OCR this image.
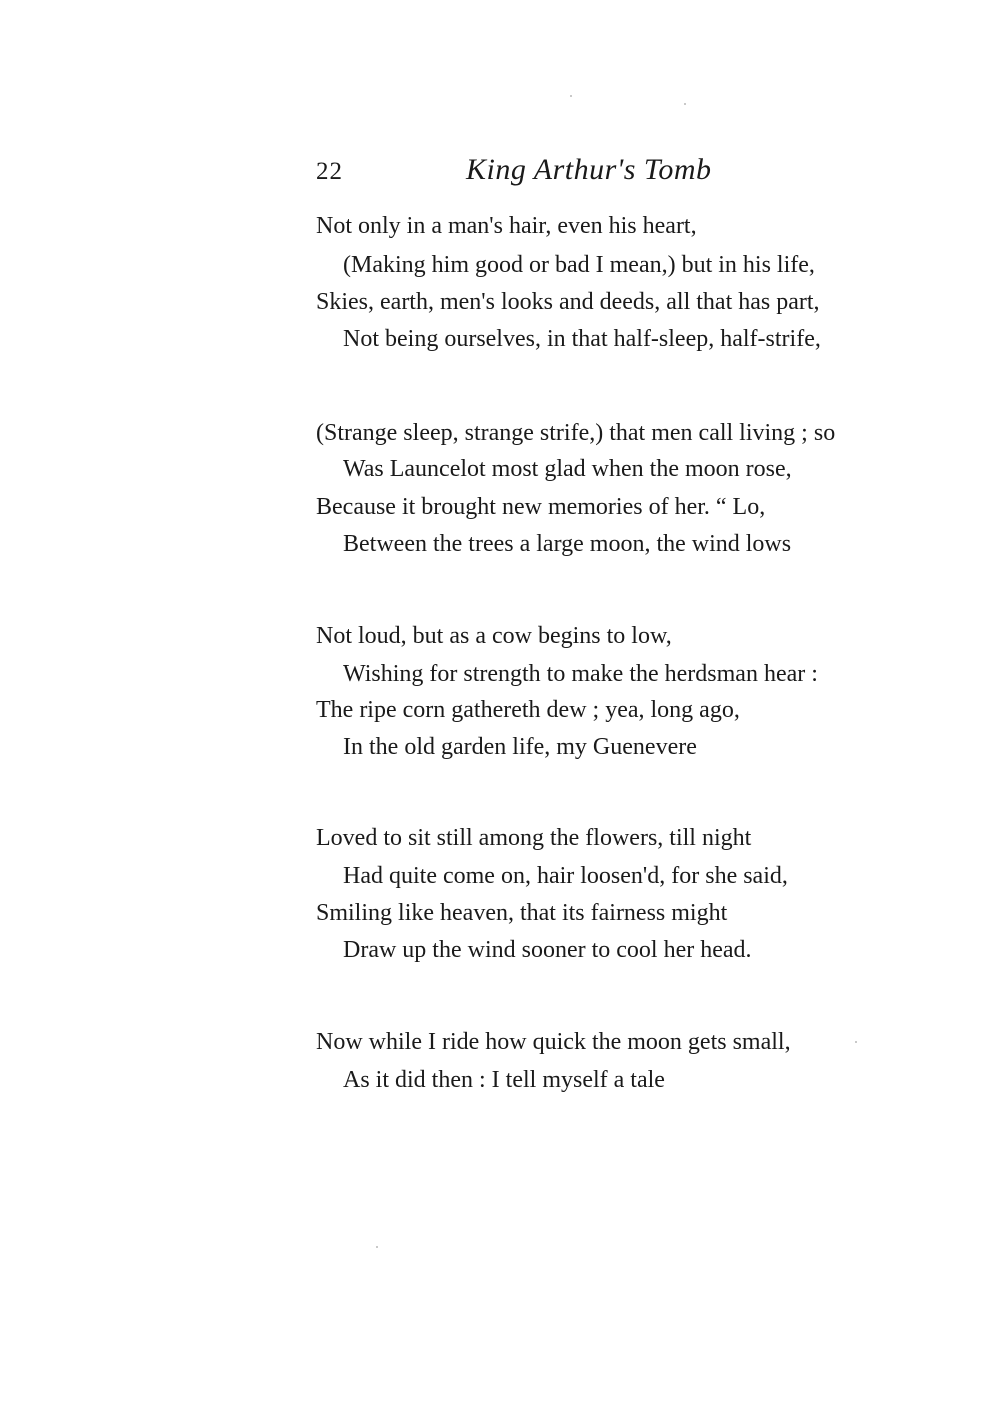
22	King Arthur's Tomb
Not only in a man's hair, even his heart,
(Making him good or bad I mean,) but in his life,
Skies, earth, men's looks and deeds, all that has part,
Not being ourselves, in that half-sleep, half-strife,
(Strange sleep, strange strife,) that men call living ; so
Was Launcelot most glad when the moon rose,
Because it brought new memories of her. “ Lo,
Between the trees a large moon, the wind lows
Not loud, but as a cow begins to low,
Wishing for strength to make the herdsman hear :
The ripe corn gathereth dew ; yea, long ago,
In the old garden life, my Guenevere
Loved to sit still among the flowers, till night
Had quite come on, hair loosen'd, for she said,
Smiling like heaven, that its fairness might
Draw up the wind sooner to cool her head.
Now while I ride how quick the moon gets small,
As it did then : I tell myself a tale
